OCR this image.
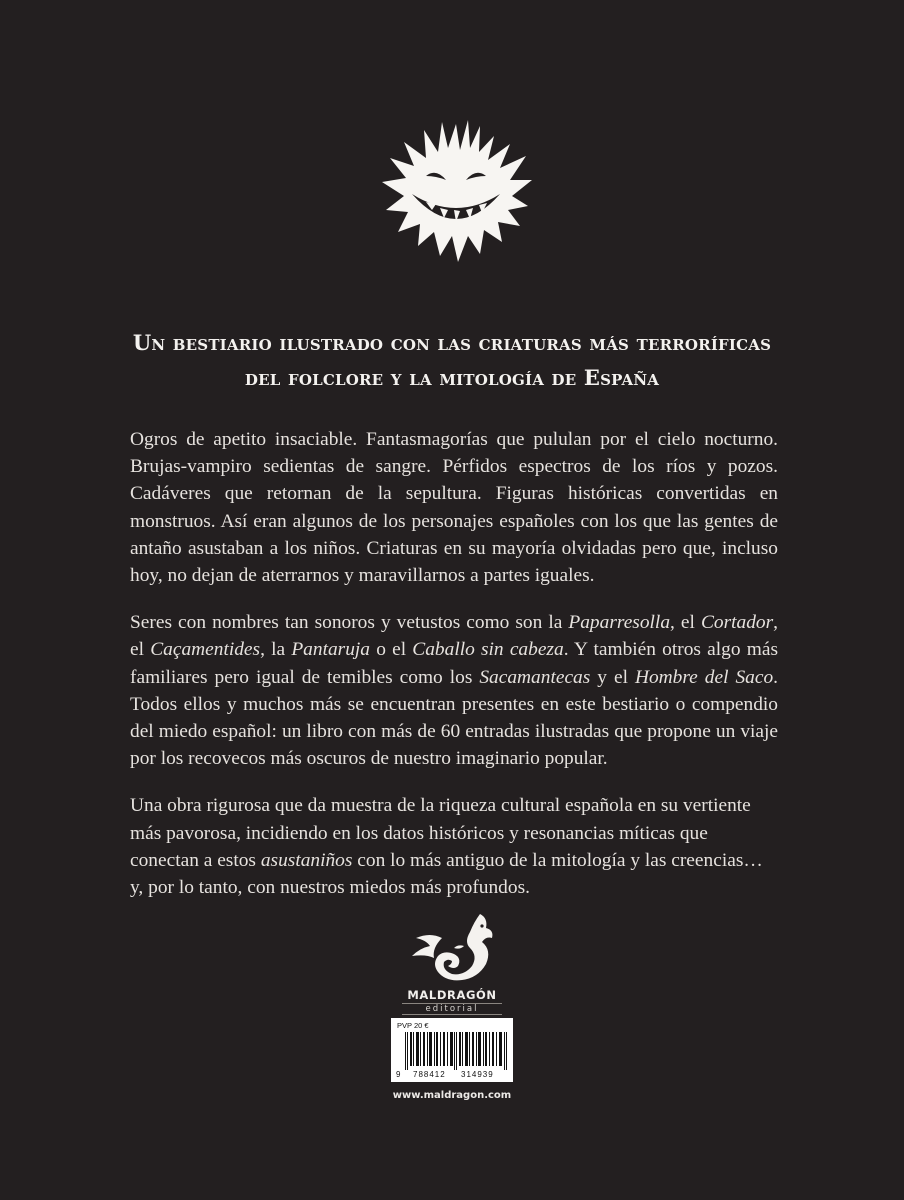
Un bestiario ilustrado con las criaturas más terroríficas
del folclore y la mitología de España

Ogros de apetito insaciable. Fantasmagorías que pululan por el cielo nocturno. Brujas-vampiro sedientas de sangre. Pérfidos espectros de los ríos y pozos. Cadáveres que retornan de la sepultura. Figuras históricas convertidas en monstruos. Así eran algunos de los personajes españoles con los que las gentes de antaño asustaban a los niños. Criaturas en su mayoría olvidadas pero que, incluso hoy, no dejan de aterrarnos y maravillarnos a partes iguales.

Seres con nombres tan sonoros y vetustos como son la Paparresolla, el Cortador, el Caçamentides, la Pantaruja o el Caballo sin cabeza. Y también otros algo más familiares pero igual de temibles como los Sacamantecas y el Hombre del Saco. Todos ellos y muchos más se encuentran presentes en este bestiario o compendio del miedo español: un libro con más de 60 entradas ilustradas que propone un viaje por los recovecos más oscuros de nuestro imaginario popular.

Una obra rigurosa que da muestra de la riqueza cultural española en su vertiente más pavorosa, incidiendo en los datos históricos y resonancias míticas que conectan a estos asustaniños con lo más antiguo de la mitología y las creencias… y, por lo tanto, con nuestros miedos más profundos.

MALDRAGÓN
editorial
PVP 20 €
9 788412 314939
www.maldragon.com
